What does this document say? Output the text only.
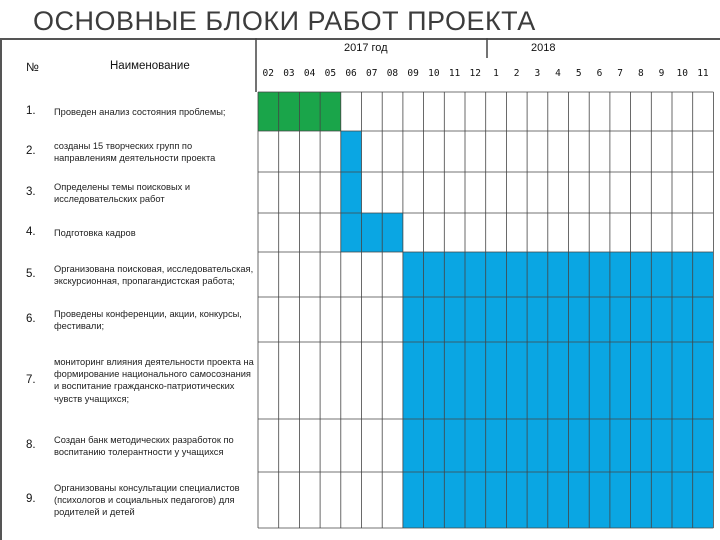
ОСНОВНЫЕ БЛОКИ РАБОТ ПРОЕКТА
№	Наименование
2017 год	2018
02 03 04 05 06 07 08 09 10 11 12	1	2	3	4	5	6	7	8	9	10 11
1. Проведен анализ состояния проблемы;
2. созданы 15 творческих групп по направлениям деятельности проекта
3. Определены темы поисковых и исследовательских работ
4. Подготовка кадров
5. Организована поисковая, исследовательская, экскурсионная, пропагандистская работа;
6. Проведены конференции, акции, конкурсы, фестивали;
7.
мониторинг влияния деятельности проекта на формирование национального самосознания и воспитание гражданско-патриотических чувств учащихся;
8. Создан банк методических разработок по воспитанию толерантности у учащихся
9.
Организованы консультации специалистов (психологов и социальных педагогов) для родителей и детей
